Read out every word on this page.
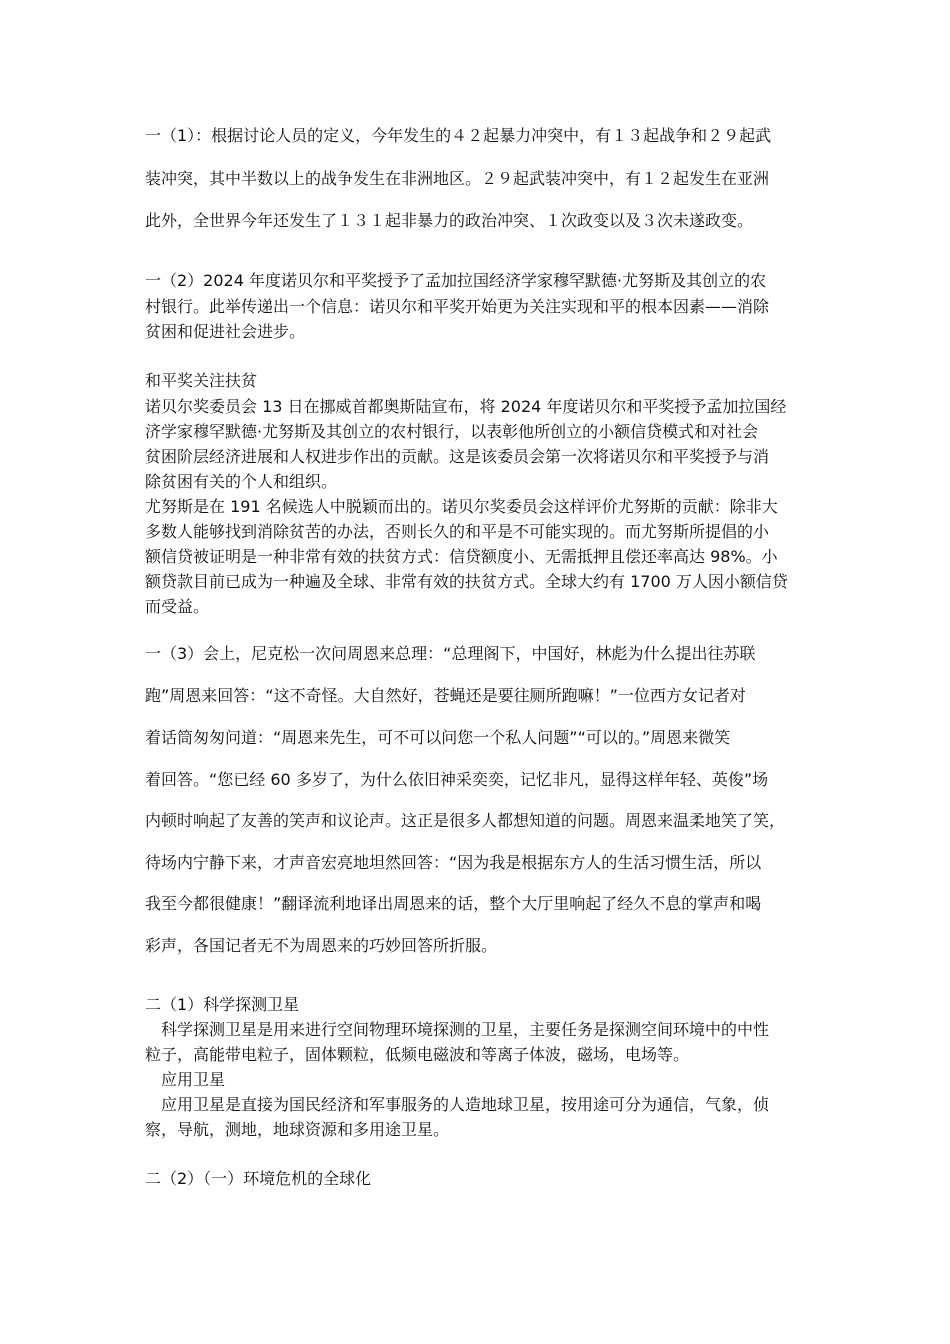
一（1）：根据讨论人员的定义，今年发生的４２起暴力冲突中，有１３起战争和２９起武
装冲突，其中半数以上的战争发生在非洲地区。２９起武装冲突中，有１２起发生在亚洲
此外，全世界今年还发生了１３１起非暴力的政治冲突、１次政变以及３次未遂政变。
一（2）2024 年度诺贝尔和平奖授予了孟加拉国经济学家穆罕默德·尤努斯及其创立的农
村银行。此举传递出一个信息：诺贝尔和平奖开始更为关注实现和平的根本因素——消除
贫困和促进社会进步。
和平奖关注扶贫
诺贝尔奖委员会 13 日在挪威首都奥斯陆宣布，将 2024 年度诺贝尔和平奖授予孟加拉国经
济学家穆罕默德·尤努斯及其创立的农村银行，以表彰他所创立的小额信贷模式和对社会
贫困阶层经济进展和人权进步作出的贡献。这是该委员会第一次将诺贝尔和平奖授予与消
除贫困有关的个人和组织。
尤努斯是在 191 名候选人中脱颖而出的。诺贝尔奖委员会这样评价尤努斯的贡献：除非大
多数人能够找到消除贫苦的办法，否则长久的和平是不可能实现的。而尤努斯所提倡的小
额信贷被证明是一种非常有效的扶贫方式：信贷额度小、无需抵押且偿还率高达 98%。小
额贷款目前已成为一种遍及全球、非常有效的扶贫方式。全球大约有 1700 万人因小额信贷
而受益。
一（3）会上，尼克松一次问周恩来总理：“总理阁下，中国好，林彪为什么提出往苏联
跑”周恩来回答：“这不奇怪。大自然好，苍蝇还是要往厕所跑嘛！”一位西方女记者对
着话筒匆匆问道：“周恩来先生，可不可以问您一个私人问题”“可以的。”周恩来微笑
着回答。“您已经 60 多岁了，为什么依旧神采奕奕，记忆非凡，显得这样年轻、英俊”场
内顿时响起了友善的笑声和议论声。这正是很多人都想知道的问题。周恩来温柔地笑了笑，
待场内宁静下来，才声音宏亮地坦然回答：“因为我是根据东方人的生活习惯生活，所以
我至今都很健康！”翻译流利地译出周恩来的话，整个大厅里响起了经久不息的掌声和喝
彩声，各国记者无不为周恩来的巧妙回答所折服。
二（1）科学探测卫星
科学探测卫星是用来进行空间物理环境探测的卫星，主要任务是探测空间环境中的中性
粒子，高能带电粒子，固体颗粒，低频电磁波和等离子体波，磁场，电场等。
应用卫星
应用卫星是直接为国民经济和军事服务的人造地球卫星，按用途可分为通信，气象，侦
察，导航，测地，地球资源和多用途卫星。
二（2）（一）环境危机的全球化
